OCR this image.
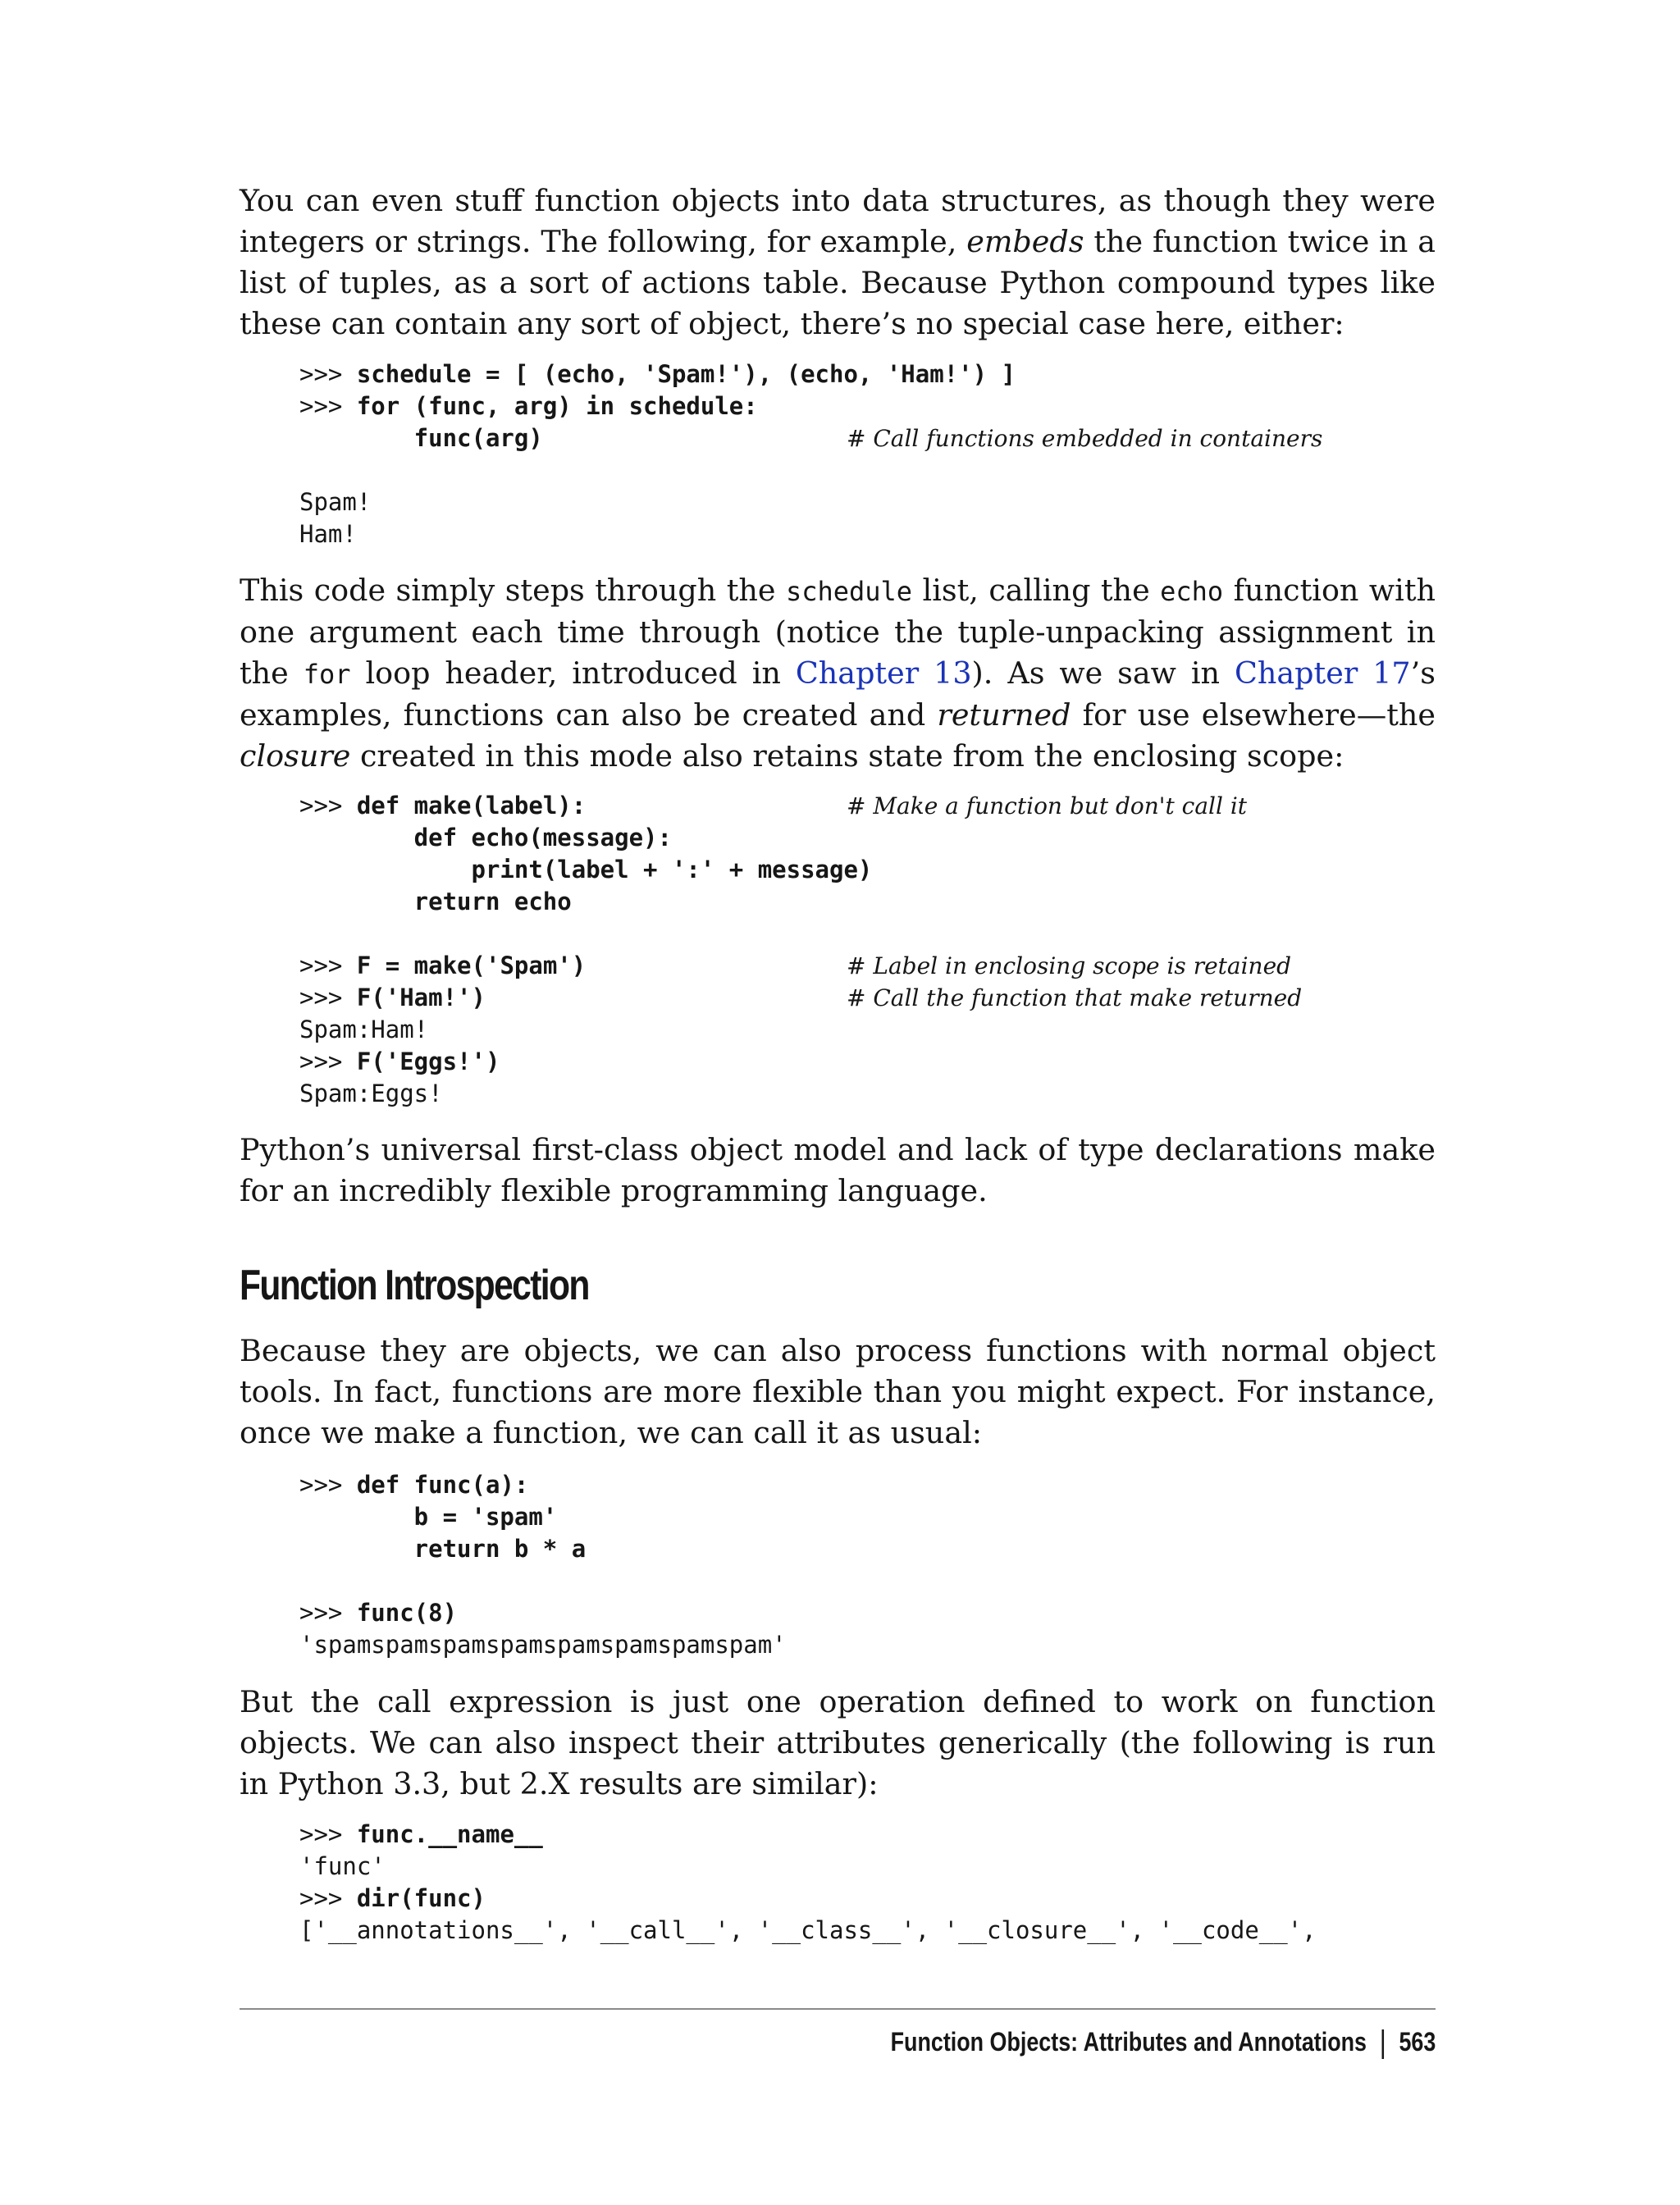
You can even stuff function objects into data structures, as though they were integers or strings. The following, for example, embeds the function twice in a list of tuples, as a sort of actions table. Because Python compound types like these can contain any sort of object, there’s no special case here, either:

>>> schedule = [ (echo, 'Spam!'), (echo, 'Ham!') ]
>>> for (func, arg) in schedule:
func(arg)	# Call functions embedded in containers
Spam!
Ham!

This code simply steps through the schedule list, calling the echo function with one argument each time through (notice the tuple-unpacking assignment in the for loop header, introduced in Chapter 13). As we saw in Chapter 17’s examples, functions can also be created and returned for use elsewhere—the closure created in this mode also retains state from the enclosing scope:

>>> def make(label):	# Make a function but don't call it
def echo(message):
print(label + ':' + message)
return echo
>>> F = make('Spam')	# Label in enclosing scope is retained
>>> F('Ham!')	# Call the function that make returned
Spam:Ham!
>>> F('Eggs!')
Spam:Eggs!

Python’s universal first-class object model and lack of type declarations make for an incredibly flexible programming language.

Function Introspection

Because they are objects, we can also process functions with normal object tools. In fact, functions are more flexible than you might expect. For instance, once we make a function, we can call it as usual:

>>> def func(a):
b = 'spam'
return b * a
>>> func(8)
'spamspamspamspamspamspamspamspam'

But the call expression is just one operation defined to work on function objects. We can also inspect their attributes generically (the following is run in Python 3.3, but 2.X results are similar):

>>> func.__name__
'func'
>>> dir(func)
['__annotations__', '__call__', '__class__', '__closure__', '__code__',
Function Objects: Attributes and Annotations 563
